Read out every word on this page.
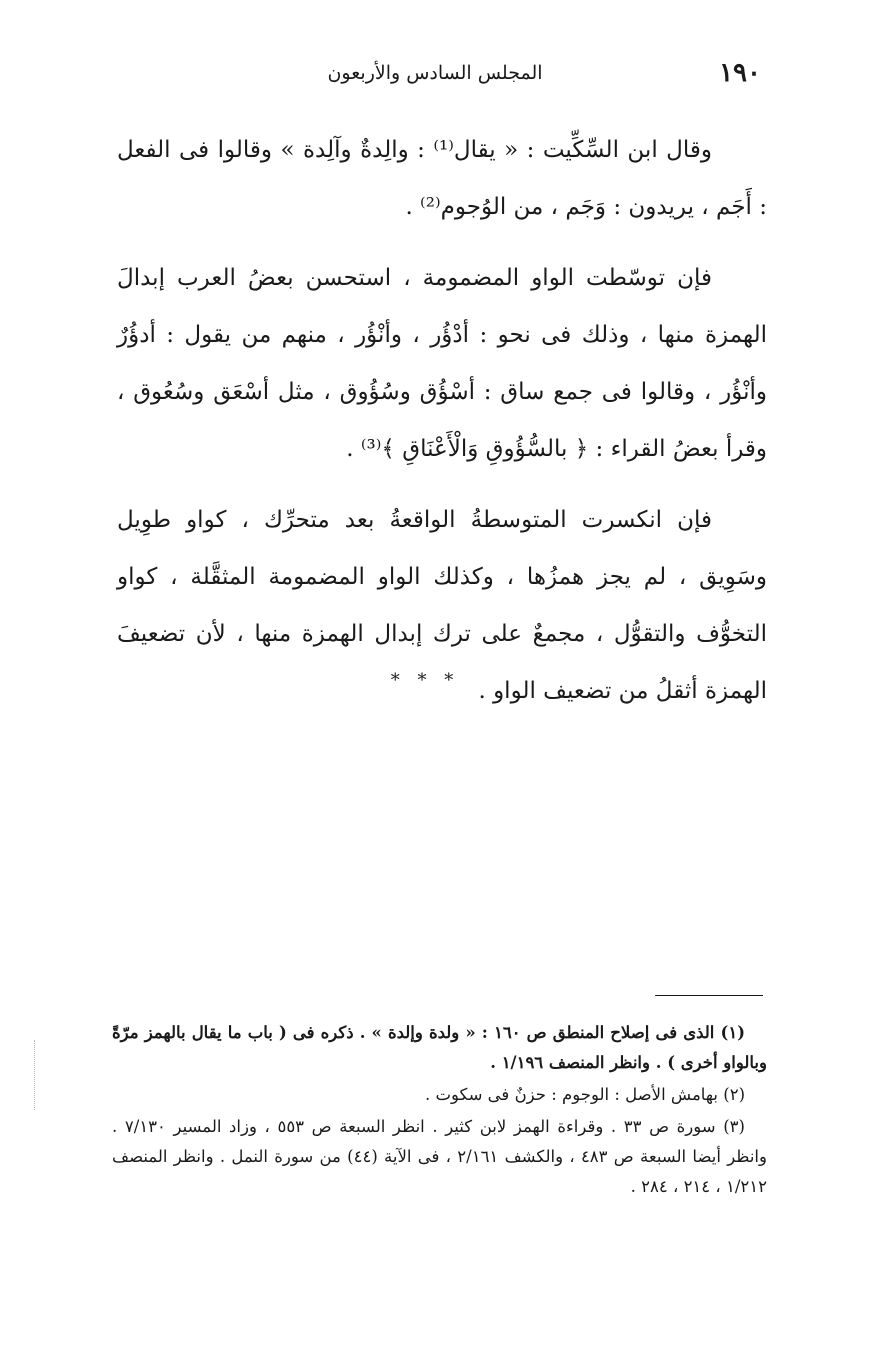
١٩٠
المجلس السادس والأربعون

وقال ابن السِّكِّيت : « يقال⁽¹⁾ : والِدةٌ وآلِدة » وقالوا فى الفعل : أَجَم ، يريدون : وَجَم ، من الوُجوم⁽²⁾ .

فإن توسّطت الواو المضمومة ، استحسن بعضُ العرب إبدالَ الهمزة منها ، وذلك فى نحو : أدْؤُر ، وأنْؤُر ، منهم من يقول : أدؤُرٌ وأنْؤُر ، وقالوا فى جمع ساق : أسْؤُق وسُؤُوق ، مثل أسْعَق وسُعُوق ، وقرأ بعضُ القراء : ﴿ بالسُّؤُوقِ وَالْأَعْنَاقِ ﴾⁽³⁾ .

فإن انكسرت المتوسطةُ الواقعةُ بعد متحرِّك ، كواو طوِيل وسَوِيق ، لم يجز همزُها ، وكذلك الواو المضمومة المثقَّلة ، كواو التخوُّف والتقوُّل ، مجمعٌ على ترك إبدال الهمزة منها ، لأن تضعيفَ الهمزة أثقلُ من تضعيف الواو .

* * *

(١) الذى فى إصلاح المنطق ص ١٦٠ : « ولدة وإلدة » . ذكره فى ( باب ما يقال بالهمز مرّةً وبالواو أخرى ) . وانظر المنصف ١/١٩٦ .

(٢) بهامش الأصل : الوجوم : حزنٌ فى سكوت .

(٣) سورة ص ٣٣ . وقراءة الهمز لابن كثير . انظر السبعة ص ٥٥٣ ، وزاد المسير ٧/١٣٠ . وانظر أيضا السبعة ص ٤٨٣ ، والكشف ٢/١٦١ ، فى الآية (٤٤) من سورة النمل . وانظر المنصف ١/٢١٢ ، ٢١٤ ، ٢٨٤ .
